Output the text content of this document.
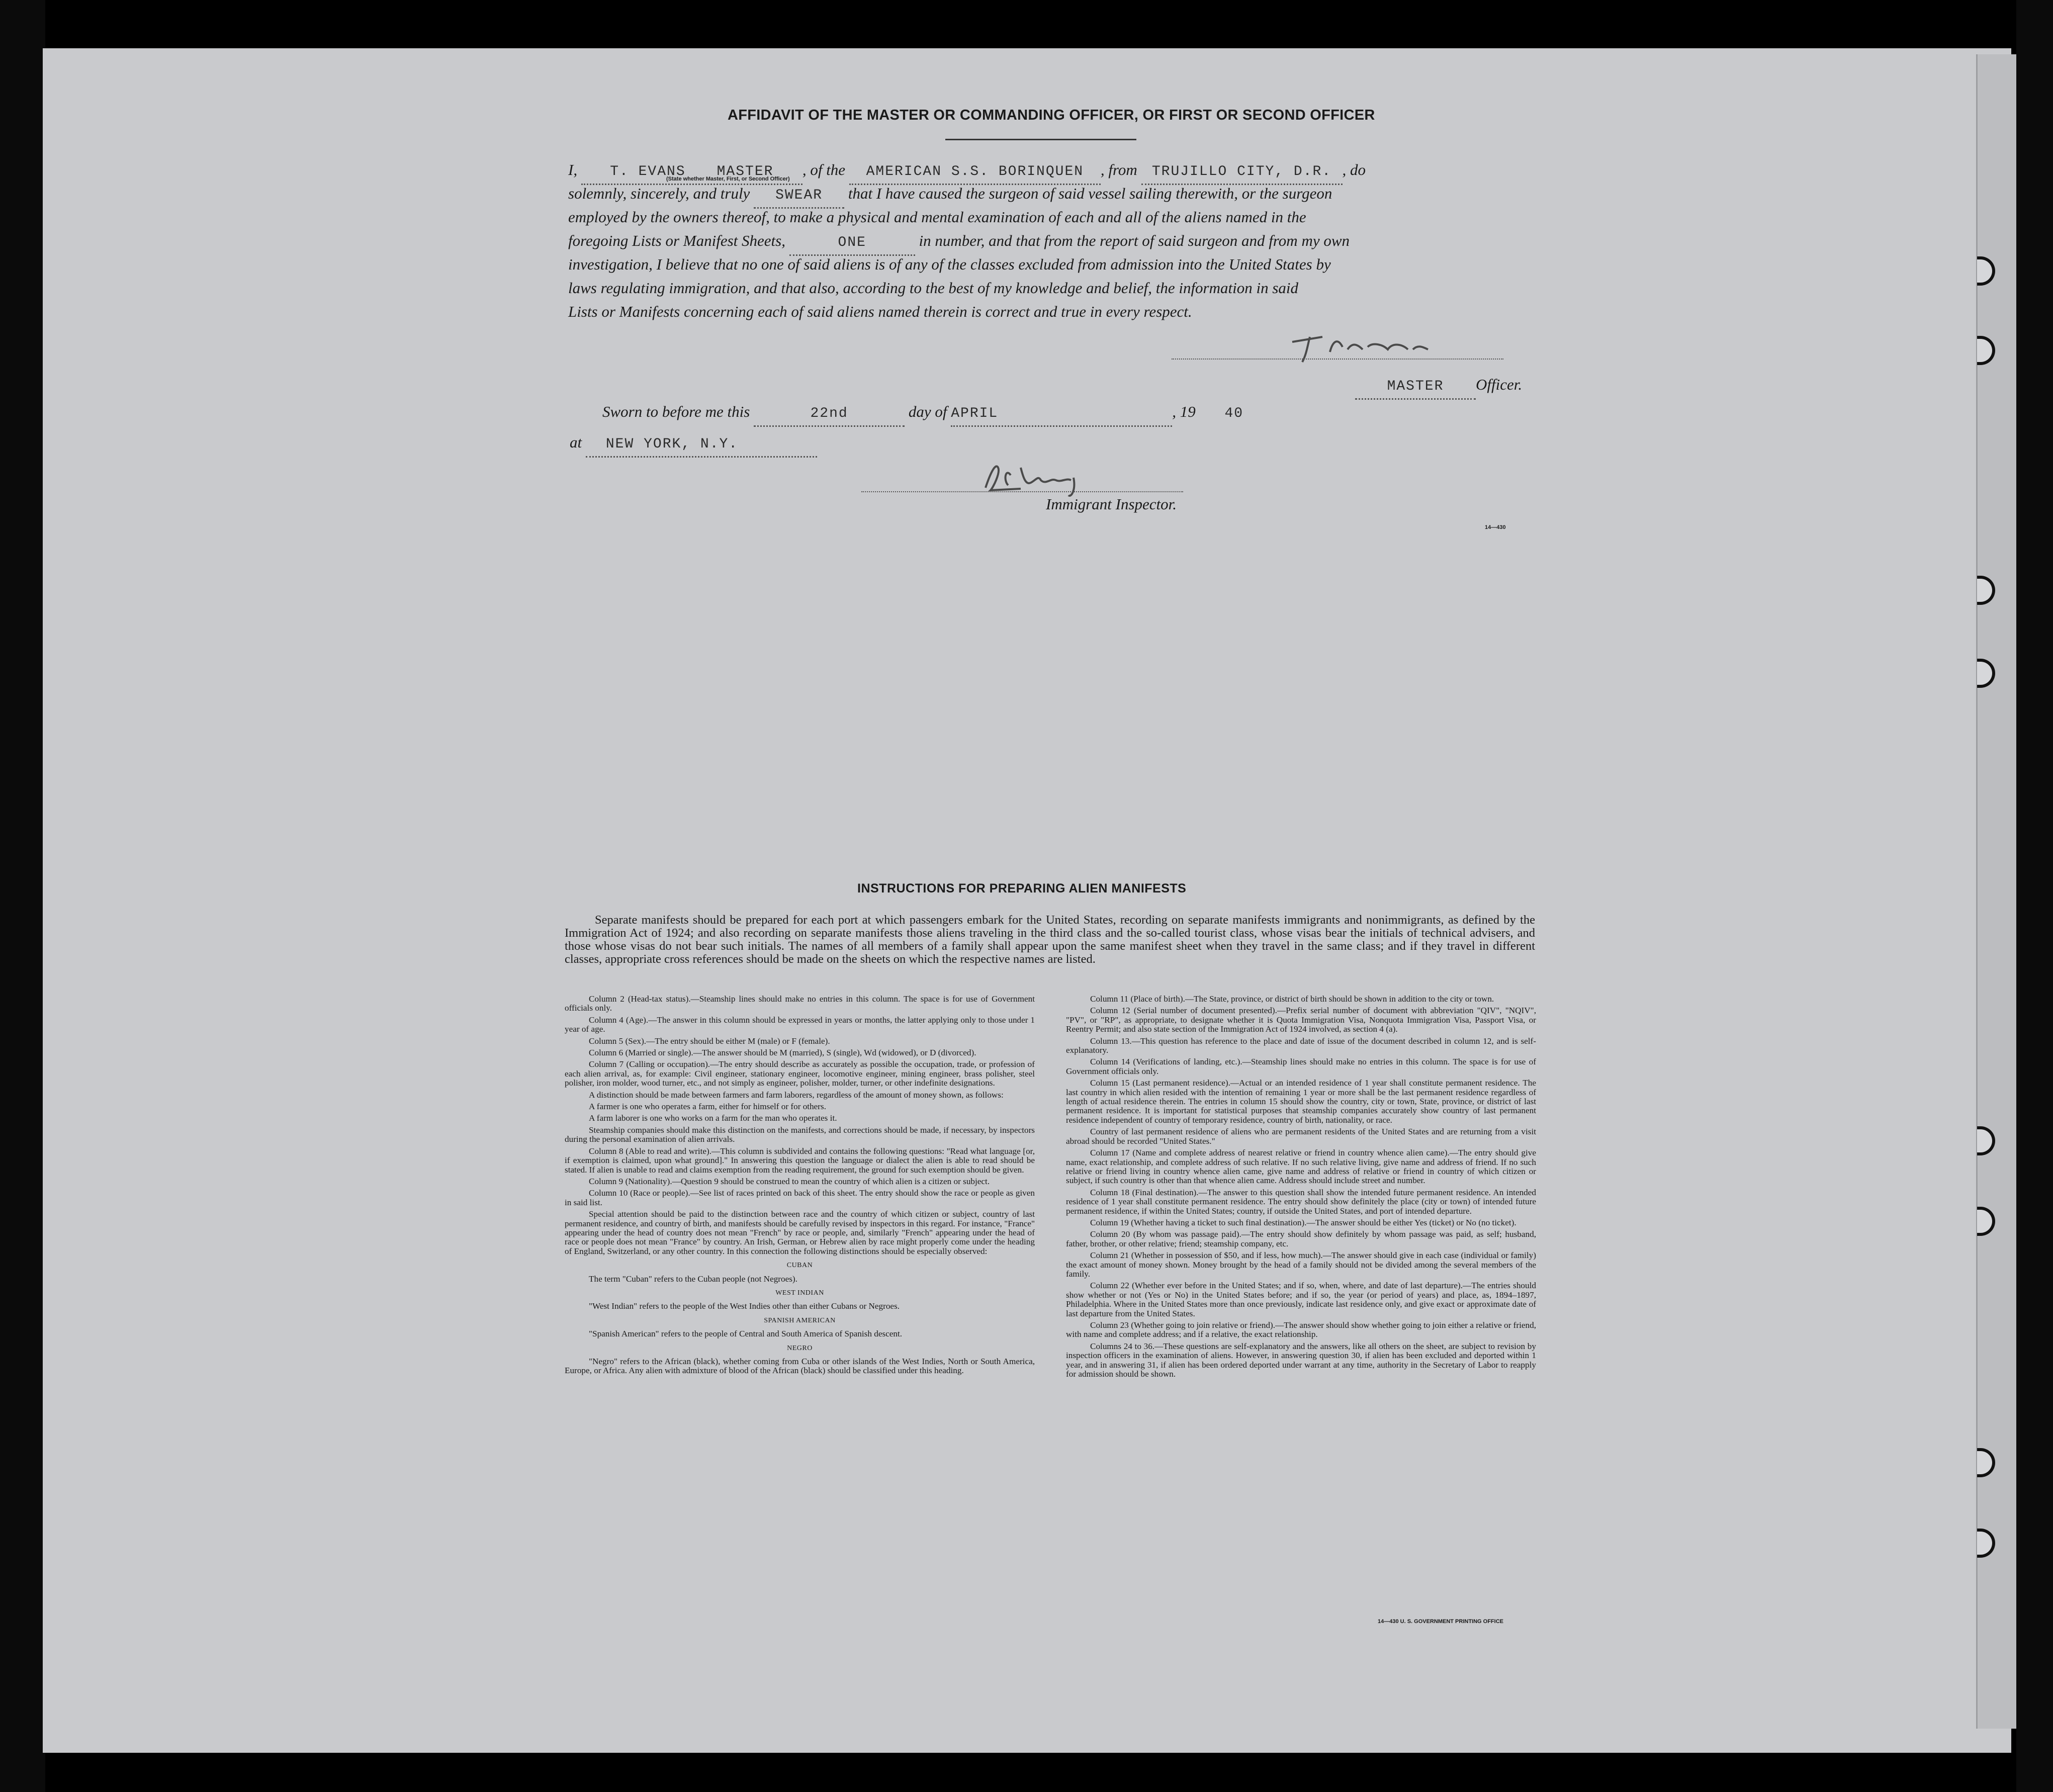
AFFIDAVIT OF THE MASTER OR COMMANDING OFFICER, OR FIRST OR SECOND OFFICER
I, T. EVANS MASTER , of the AMERICAN S.S. BORINQUEN , from TRUJILLO CITY, D.R. , do
(State whether Master, First, or Second Officer)
solemnly, sincerely, and truly SWEAR that I have caused the surgeon of said vessel sailing therewith, or the surgeon
employed by the owners thereof, to make a physical and mental examination of each and all of the aliens named in the
foregoing Lists or Manifest Sheets,	ONE	in number, and that from the report of said surgeon and from my own
investigation, I believe that no one of said aliens is of any of the classes excluded from admission into the United States by
laws regulating immigration, and that also, according to the best of my knowledge and belief, the information in said
Lists or Manifests concerning each of said aliens named therein is correct and true in every respect.
MASTER Officer.
Sworn to before me this	22nd	day of APRIL	, 19 40
at NEW YORK, N.Y.
Immigrant Inspector.
14—430
INSTRUCTIONS FOR PREPARING ALIEN MANIFESTS
Separate manifests should be prepared for each port at which passengers embark for the United States, recording on separate manifests immigrants and nonimmigrants, as defined by the Immigration Act of 1924; and also recording on separate manifests those aliens traveling in the third class and the so-called tourist class, whose visas bear the initials of technical advisers, and those whose visas do not bear such initials. The names of all members of a family shall appear upon the same manifest sheet when they travel in the same class; and if they travel in different classes, appropriate cross references should be made on the sheets on which the respective names are listed.

Column 2 (Head-tax status).—Steamship lines should make no entries in this column. The space is for use of Government officials only.

Column 4 (Age).—The answer in this column should be expressed in years or months, the latter applying only to those under 1 year of age.

Column 5 (Sex).—The entry should be either M (male) or F (female).

Column 6 (Married or single).—The answer should be M (married), S (single), Wd (widowed), or D (divorced).

Column 7 (Calling or occupation).—The entry should describe as accurately as possible the occupation, trade, or profession of each alien arrival, as, for example: Civil engineer, stationary engineer, locomotive engineer, mining engineer, brass polisher, steel polisher, iron molder, wood turner, etc., and not simply as engineer, polisher, molder, turner, or other indefinite designations.

A distinction should be made between farmers and farm laborers, regardless of the amount of money shown, as follows:

A farmer is one who operates a farm, either for himself or for others.

A farm laborer is one who works on a farm for the man who operates it.

Steamship companies should make this distinction on the manifests, and corrections should be made, if necessary, by inspectors during the personal examination of alien arrivals.

Column 8 (Able to read and write).—This column is subdivided and contains the following questions: "Read what language [or, if exemption is claimed, upon what ground]." In answering this question the language or dialect the alien is able to read should be stated. If alien is unable to read and claims exemption from the reading requirement, the ground for such exemption should be given.

Column 9 (Nationality).—Question 9 should be construed to mean the country of which alien is a citizen or subject.

Column 10 (Race or people).—See list of races printed on back of this sheet. The entry should show the race or people as given in said list.

Special attention should be paid to the distinction between race and the country of which citizen or subject, country of last permanent residence, and country of birth, and manifests should be carefully revised by inspectors in this regard. For instance, "France" appearing under the head of country does not mean "French" by race or people, and, similarly "French" appearing under the head of race or people does not mean "France" by country. An Irish, German, or Hebrew alien by race might properly come under the heading of England, Switzerland, or any other country. In this connection the following distinctions should be especially observed:

CUBAN

The term "Cuban" refers to the Cuban people (not Negroes).

WEST INDIAN

"West Indian" refers to the people of the West Indies other than either Cubans or Negroes.

SPANISH AMERICAN

"Spanish American" refers to the people of Central and South America of Spanish descent.

NEGRO

"Negro" refers to the African (black), whether coming from Cuba or other islands of the West Indies, North or South America, Europe, or Africa. Any alien with admixture of blood of the African (black) should be classified under this heading.

Column 11 (Place of birth).—The State, province, or district of birth should be shown in addition to the city or town.

Column 12 (Serial number of document presented).—Prefix serial number of document with abbreviation "QIV", "NQIV", "PV", or "RP", as appropriate, to designate whether it is Quota Immigration Visa, Nonquota Immigration Visa, Passport Visa, or Reentry Permit; and also state section of the Immigration Act of 1924 involved, as section 4 (a).

Column 13.—This question has reference to the place and date of issue of the document described in column 12, and is self-explanatory.

Column 14 (Verifications of landing, etc.).—Steamship lines should make no entries in this column. The space is for use of Government officials only.

Column 15 (Last permanent residence).—Actual or an intended residence of 1 year shall constitute permanent residence. The last country in which alien resided with the intention of remaining 1 year or more shall be the last permanent residence regardless of length of actual residence therein. The entries in column 15 should show the country, city or town, State, province, or district of last permanent residence. It is important for statistical purposes that steamship companies accurately show country of last permanent residence independent of country of temporary residence, country of birth, nationality, or race.

Country of last permanent residence of aliens who are permanent residents of the United States and are returning from a visit abroad should be recorded "United States."

Column 17 (Name and complete address of nearest relative or friend in country whence alien came).—The entry should give name, exact relationship, and complete address of such relative. If no such relative living, give name and address of friend. If no such relative or friend living in country whence alien came, give name and address of relative or friend in country of which citizen or subject, if such country is other than that whence alien came. Address should include street and number.

Column 18 (Final destination).—The answer to this question shall show the intended future permanent residence. An intended residence of 1 year shall constitute permanent residence. The entry should show definitely the place (city or town) of intended future permanent residence, if within the United States; country, if outside the United States, and port of intended departure.

Column 19 (Whether having a ticket to such final destination).—The answer should be either Yes (ticket) or No (no ticket).

Column 20 (By whom was passage paid).—The entry should show definitely by whom passage was paid, as self; husband, father, brother, or other relative; friend; steamship company, etc.

Column 21 (Whether in possession of $50, and if less, how much).—The answer should give in each case (individual or family) the exact amount of money shown. Money brought by the head of a family should not be divided among the several members of the family.

Column 22 (Whether ever before in the United States; and if so, when, where, and date of last departure).—The entries should show whether or not (Yes or No) in the United States before; and if so, the year (or period of years) and place, as, 1894–1897, Philadelphia. Where in the United States more than once previously, indicate last residence only, and give exact or approximate date of last departure from the United States.

Column 23 (Whether going to join relative or friend).—The answer should show whether going to join either a relative or friend, with name and complete address; and if a relative, the exact relationship.

Columns 24 to 36.—These questions are self-explanatory and the answers, like all others on the sheet, are subject to revision by inspection officers in the examination of aliens. However, in answering question 30, if alien has been excluded and deported within 1 year, and in answering 31, if alien has been ordered deported under warrant at any time, authority in the Secretary of Labor to reapply for admission should be shown.

14—430 U. S. GOVERNMENT PRINTING OFFICE
